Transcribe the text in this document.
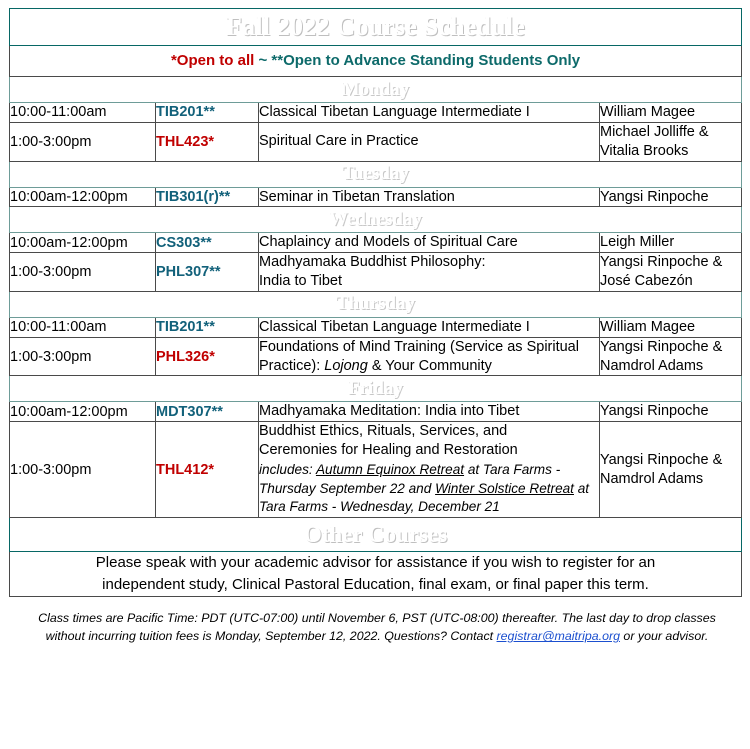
Fall 2022 Course Schedule			
*Open to all ~ **Open to Advance Standing Students Only			
Monday			
10:00-11:00am	TIB201**	Classical Tibetan Language Intermediate I	William Magee
1:00-3:00pm	THL423*	Spiritual Care in Practice	Michael Jolliffe & Vitalia Brooks
Tuesday			
10:00am-12:00pm	TIB301(r)**	Seminar in Tibetan Translation	Yangsi Rinpoche
Wednesday			
10:00am-12:00pm	CS303**	Chaplaincy and Models of Spiritual Care	Leigh Miller
1:00-3:00pm	PHL307**	Madhyamaka Buddhist Philosophy:
India to Tibet	Yangsi Rinpoche & José Cabezón
Thursday			
10:00-11:00am	TIB201**	Classical Tibetan Language Intermediate I	William Magee
1:00-3:00pm	PHL326*	Foundations of Mind Training (Service as Spiritual Practice): Lojong & Your Community	Yangsi Rinpoche & Namdrol Adams
Friday			
10:00am-12:00pm	MDT307**	Madhyamaka Meditation: India into Tibet	Yangsi Rinpoche
1:00-3:00pm	THL412*	Buddhist Ethics, Rituals, Services, and
Ceremonies for Healing and Restoration
includes: Autumn Equinox Retreat at Tara Farms - Thursday September 22 and Winter Solstice Retreat at Tara Farms - Wednesday, December 21	Yangsi Rinpoche & Namdrol Adams
Other Courses			
Please speak with your academic advisor for assistance if you wish to register for an
independent study, Clinical Pastoral Education, final exam, or final paper this term.			
Class times are Pacific Time: PDT (UTC-07:00) until November 6, PST (UTC-08:00) thereafter. The last day to drop classes
without incurring tuition fees is Monday, September 12, 2022. Questions? Contact registrar@maitripa.org or your advisor.
